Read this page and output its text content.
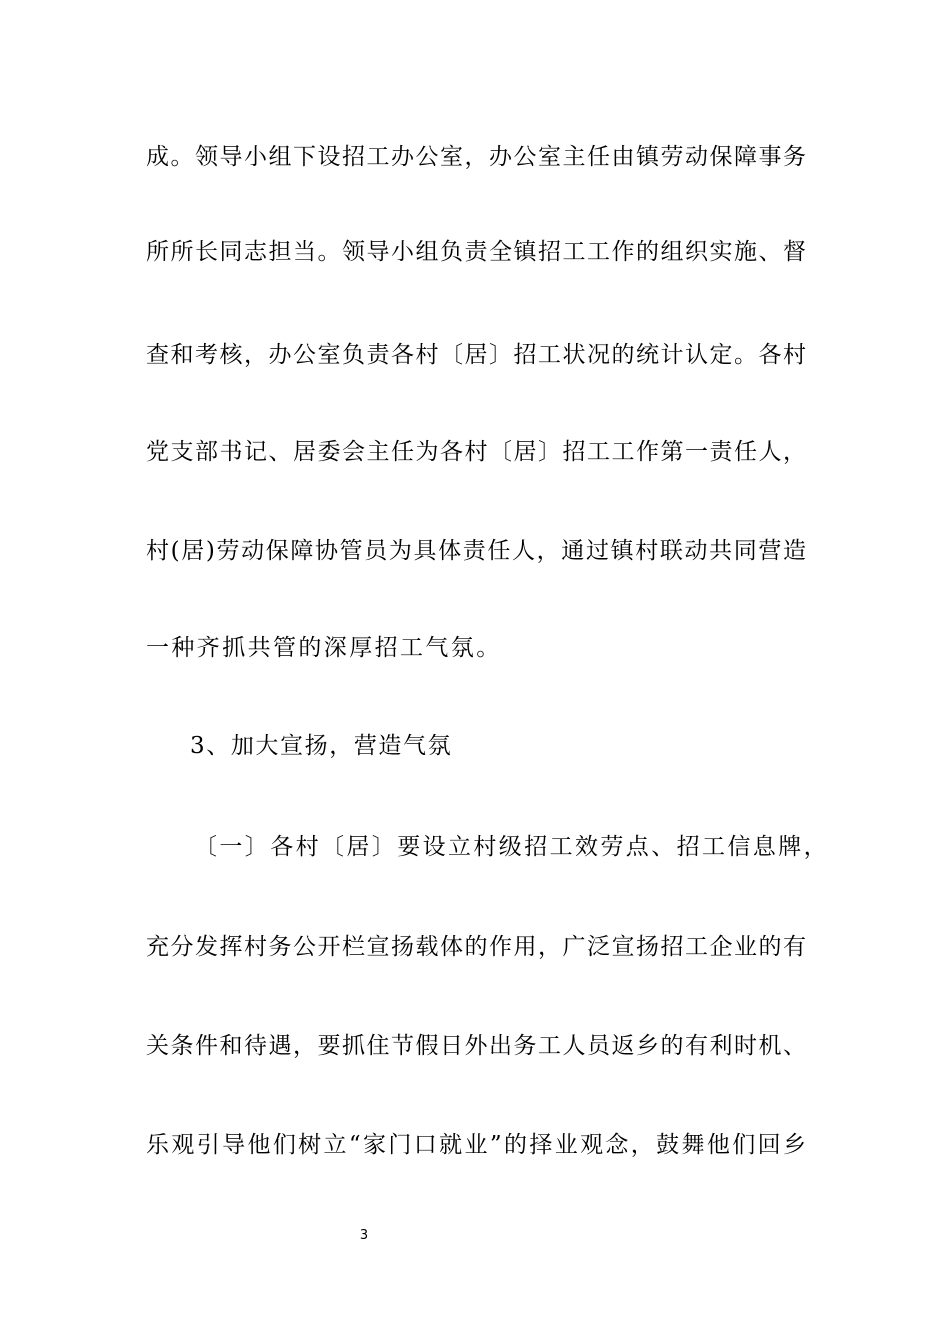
成。领导小组下设招工办公室，办公室主任由镇劳动保障事务
所所长同志担当。领导小组负责全镇招工工作的组织实施、督
查和考核，办公室负责各村〔居〕招工状况的统计认定。各村
党支部书记、居委会主任为各村〔居〕招工工作第一责任人，
村(居)劳动保障协管员为具体责任人，通过镇村联动共同营造
一种齐抓共管的深厚招工气氛。
3、加大宣扬，营造气氛
〔一〕各村〔居〕要设立村级招工效劳点、招工信息牌，
充分发挥村务公开栏宣扬载体的作用，广泛宣扬招工企业的有
关条件和待遇，要抓住节假日外出务工人员返乡的有利时机、
乐观引导他们树立“家门口就业”的择业观念，鼓舞他们回乡
3
